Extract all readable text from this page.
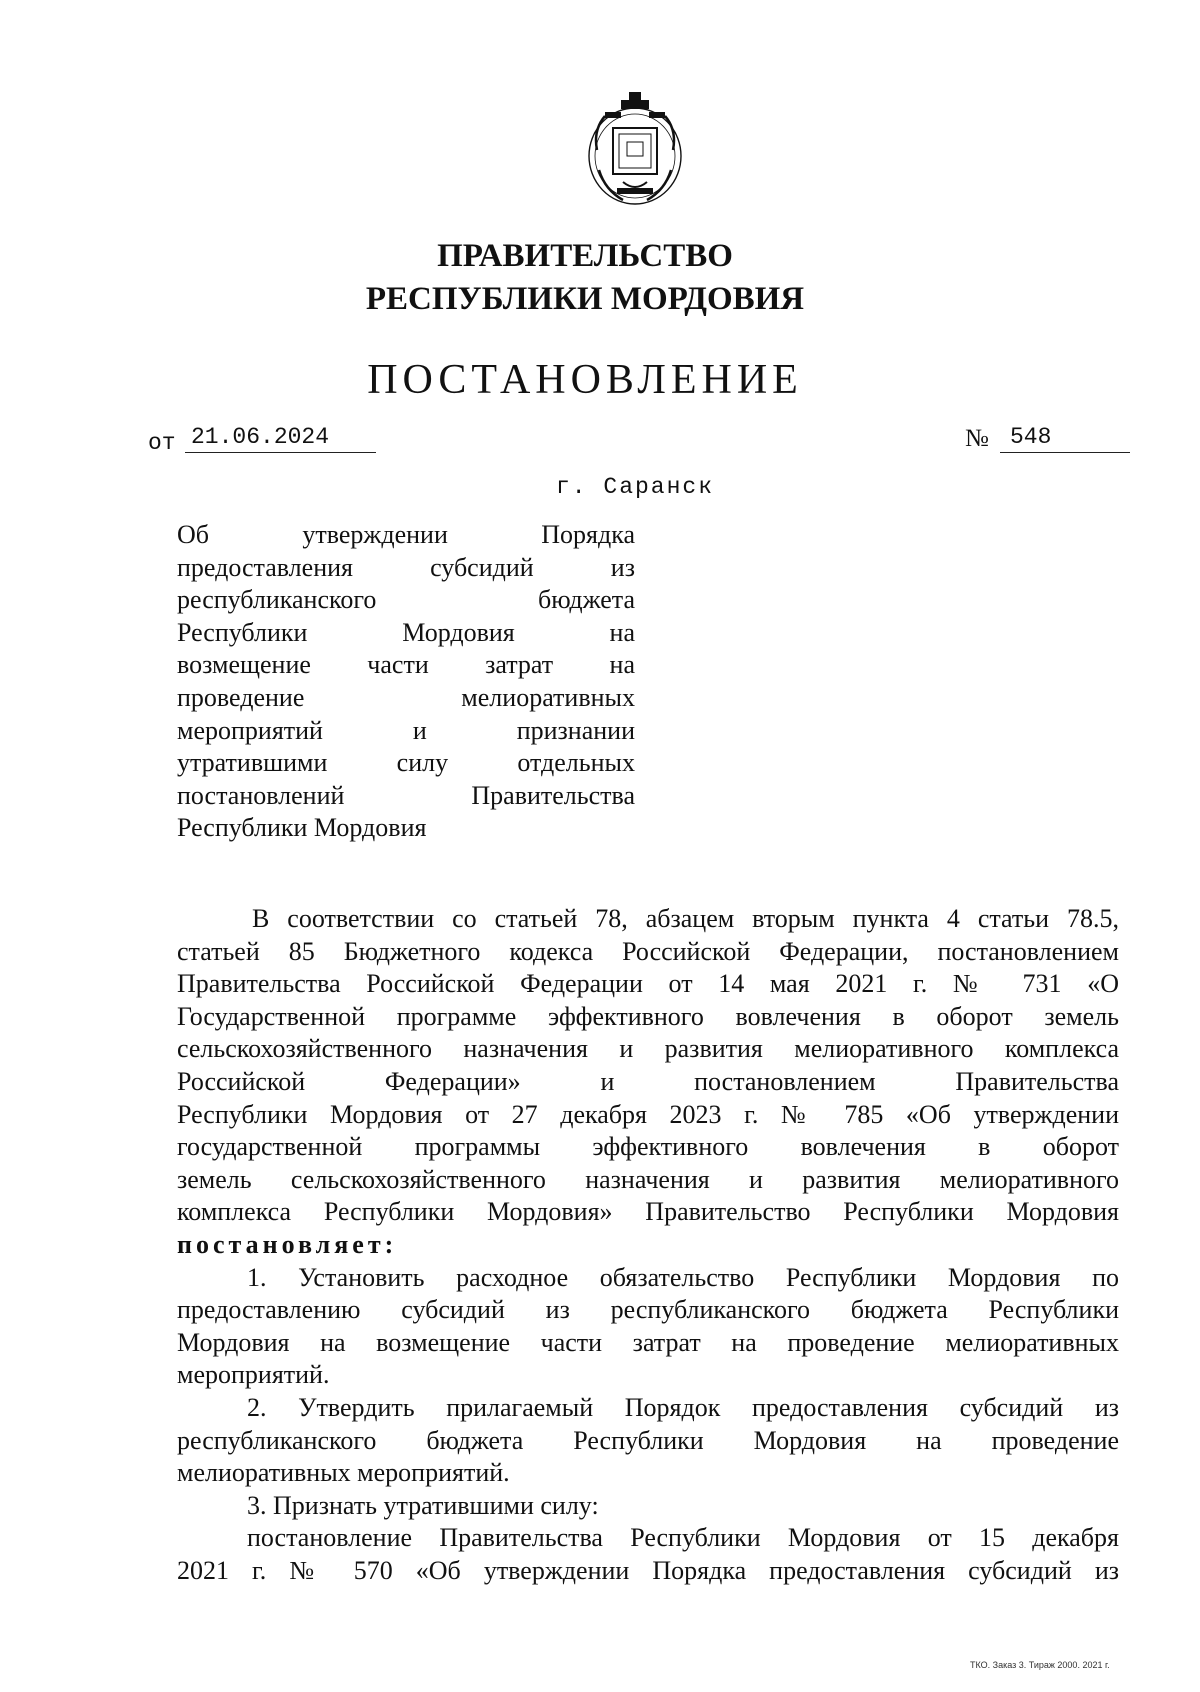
ПРАВИТЕЛЬСТВО
РЕСПУБЛИКИ МОРДОВИЯ
ПОСТАНОВЛЕНИЕ
от 21.06.2024	№ 548
г. Саранск
Об утверждении Порядка
предоставления субсидий из
республиканского бюджета
Республики Мордовия на
возмещение части затрат на
проведение мелиоративных
мероприятий и признании
утратившими силу отдельных
постановлений Правительства
Республики Мордовия
В соответствии со статьей 78, абзацем вторым пункта 4 статьи 78.5,
статьей 85 Бюджетного кодекса Российской Федерации, постановлением
Правительства Российской Федерации от 14 мая 2021 г. № 731 «О
Государственной программе эффективного вовлечения в оборот земель
сельскохозяйственного назначения и развития мелиоративного комплекса
Российской Федерации» и постановлением Правительства
Республики Мордовия от 27 декабря 2023 г. № 785 «Об утверждении
государственной программы эффективного вовлечения в оборот
земель сельскохозяйственного назначения и развития мелиоративного
комплекса Республики Мордовия» Правительство Республики Мордовия
постановляет:
1. Установить расходное обязательство Республики Мордовия по
предоставлению субсидий из республиканского бюджета Республики
Мордовия на возмещение части затрат на проведение мелиоративных
мероприятий.
2. Утвердить прилагаемый Порядок предоставления субсидий из
республиканского бюджета Республики Мордовия на проведение
мелиоративных мероприятий.
3. Признать утратившими силу:
постановление Правительства Республики Мордовия от 15 декабря
2021 г. № 570 «Об утверждении Порядка предоставления субсидий из
ТКО. Заказ 3. Тираж 2000. 2021 г.
